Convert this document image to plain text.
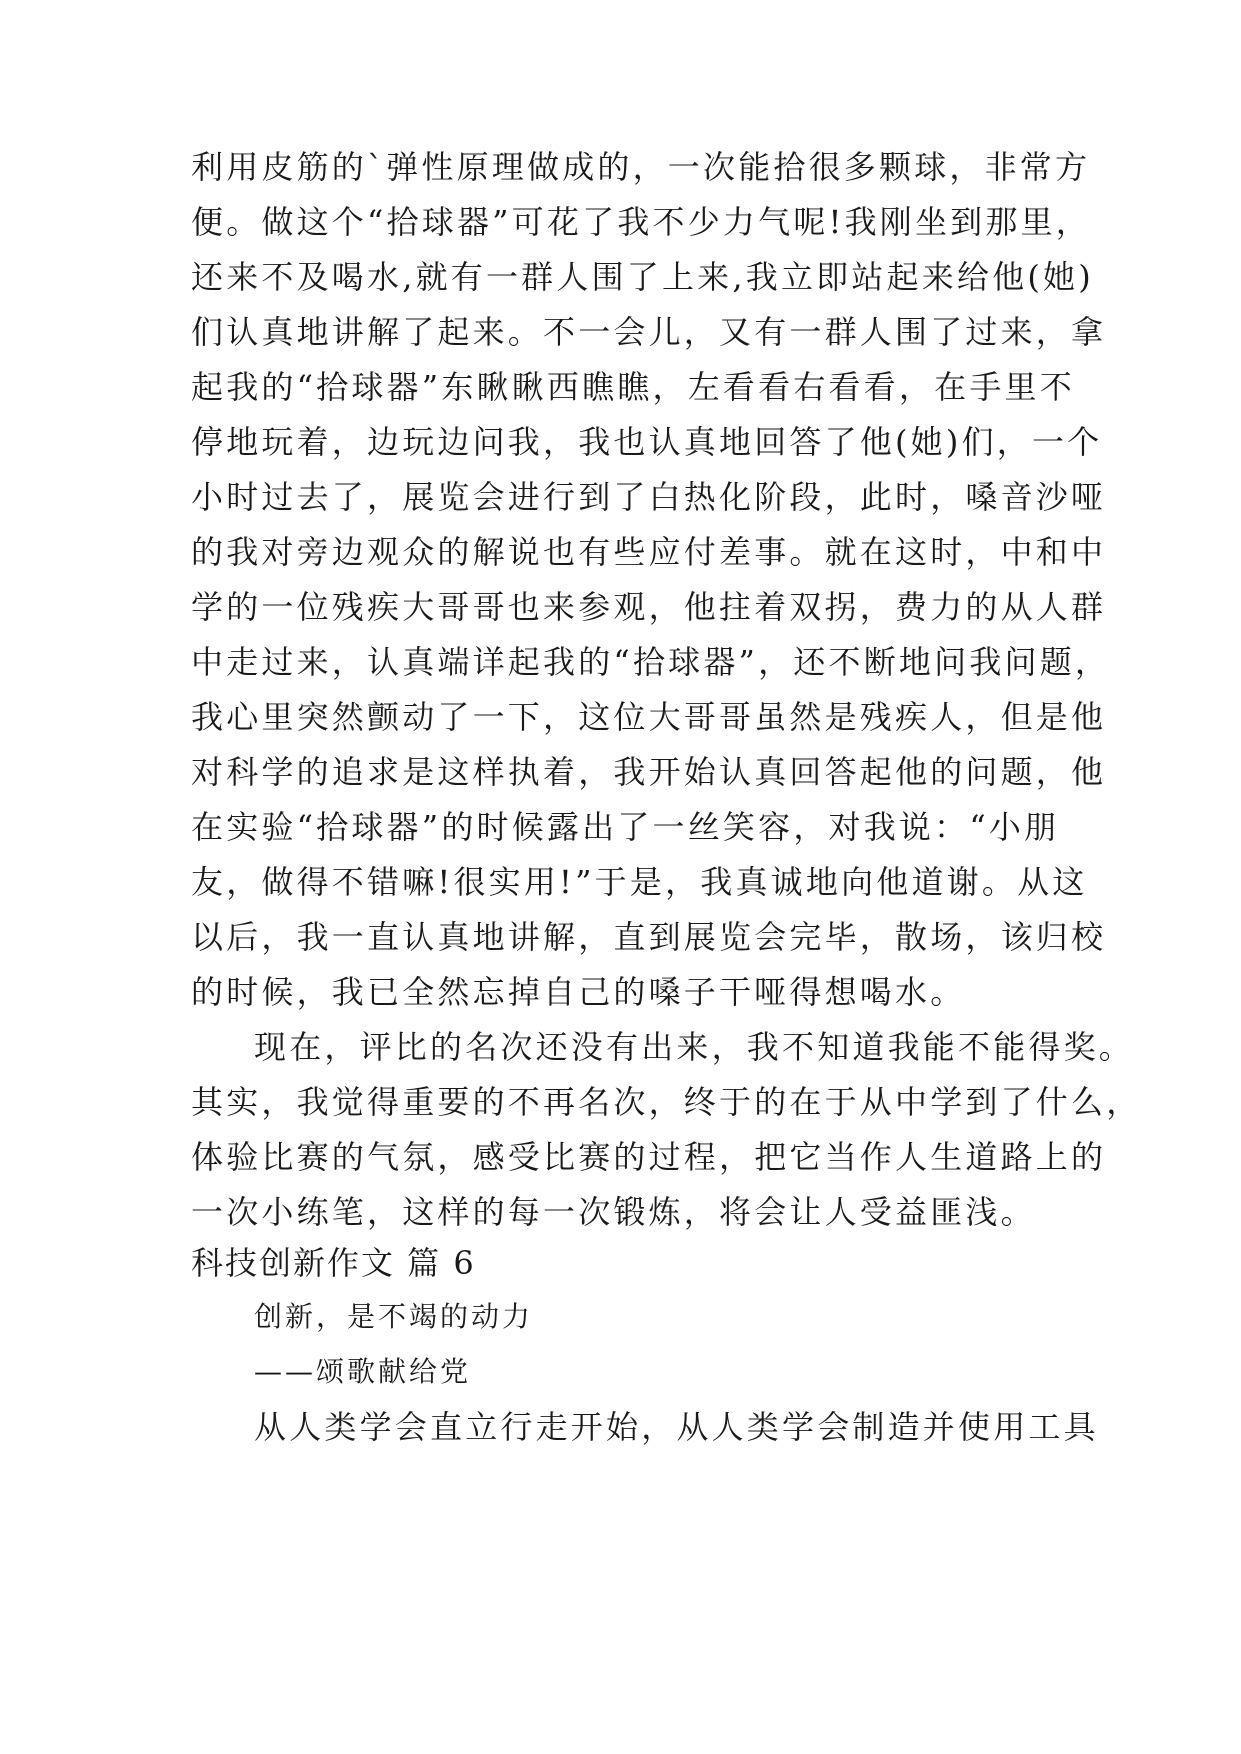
利用皮筋的`弹性原理做成的，一次能拾很多颗球，非常方
便。做这个“拾球器”可花了我不少力气呢!我刚坐到那里，
还来不及喝水,就有一群人围了上来,我立即站起来给他(她)
们认真地讲解了起来。不一会儿，又有一群人围了过来，拿
起我的“拾球器”东瞅瞅西瞧瞧，左看看右看看，在手里不
停地玩着，边玩边问我，我也认真地回答了他(她)们，一个
小时过去了，展览会进行到了白热化阶段，此时，嗓音沙哑
的我对旁边观众的解说也有些应付差事。就在这时，中和中
学的一位残疾大哥哥也来参观，他拄着双拐，费力的从人群
中走过来，认真端详起我的“拾球器”，还不断地问我问题，
我心里突然颤动了一下，这位大哥哥虽然是残疾人，但是他
对科学的追求是这样执着，我开始认真回答起他的问题，他
在实验“拾球器”的时候露出了一丝笑容，对我说：“小朋
友，做得不错嘛!很实用!”于是，我真诚地向他道谢。从这
以后，我一直认真地讲解，直到展览会完毕，散场，该归校
的时候，我已全然忘掉自己的嗓子干哑得想喝水。
现在，评比的名次还没有出来，我不知道我能不能得奖。
其实，我觉得重要的不再名次，终于的在于从中学到了什么，
体验比赛的气氛，感受比赛的过程，把它当作人生道路上的
一次小练笔，这样的每一次锻炼，将会让人受益匪浅。
科技创新作文 篇 6
创新，是不竭的动力
——颂歌献给党
从人类学会直立行走开始，从人类学会制造并使用工具
